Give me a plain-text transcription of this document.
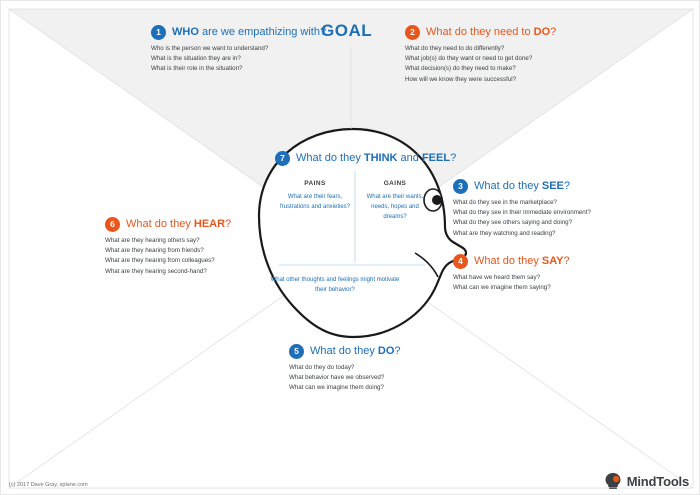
GOAL
1	WHO are we empathizing with?
Who is the person we want to understand?
What is the situation they are in?
What is their role in the situation?
2	What do they need to DO?
What do they need to do differently?
What job(s) do they want or need to get done?
What decision(s) do they need to make?
How will we know they were successful?
3	What do they SEE?
What do they see in the marketplace?
What do they see in their immediate environment?
What do they see others saying and doing?
What are they watching and reading?
4	What do they SAY?
What have we heard them say?
What can we imagine them saying?
5	What do they DO?
What do they do today?
What behavior have we observed?
What can we imagine them doing?
6	What do they HEAR?
What are they hearing others say?
What are they hearing from friends?
What are they hearing from colleagues?
What are they hearing second-hand?
7	What do they THINK and FEEL?
PAINS
What are their fears, frustrations and anxieties?
GAINS
What are their wants, needs, hopes and dreams?
What other thoughts and feelings might motivate their behavior?
(c) 2017 Dave Gray, xplane.com	MindTools
